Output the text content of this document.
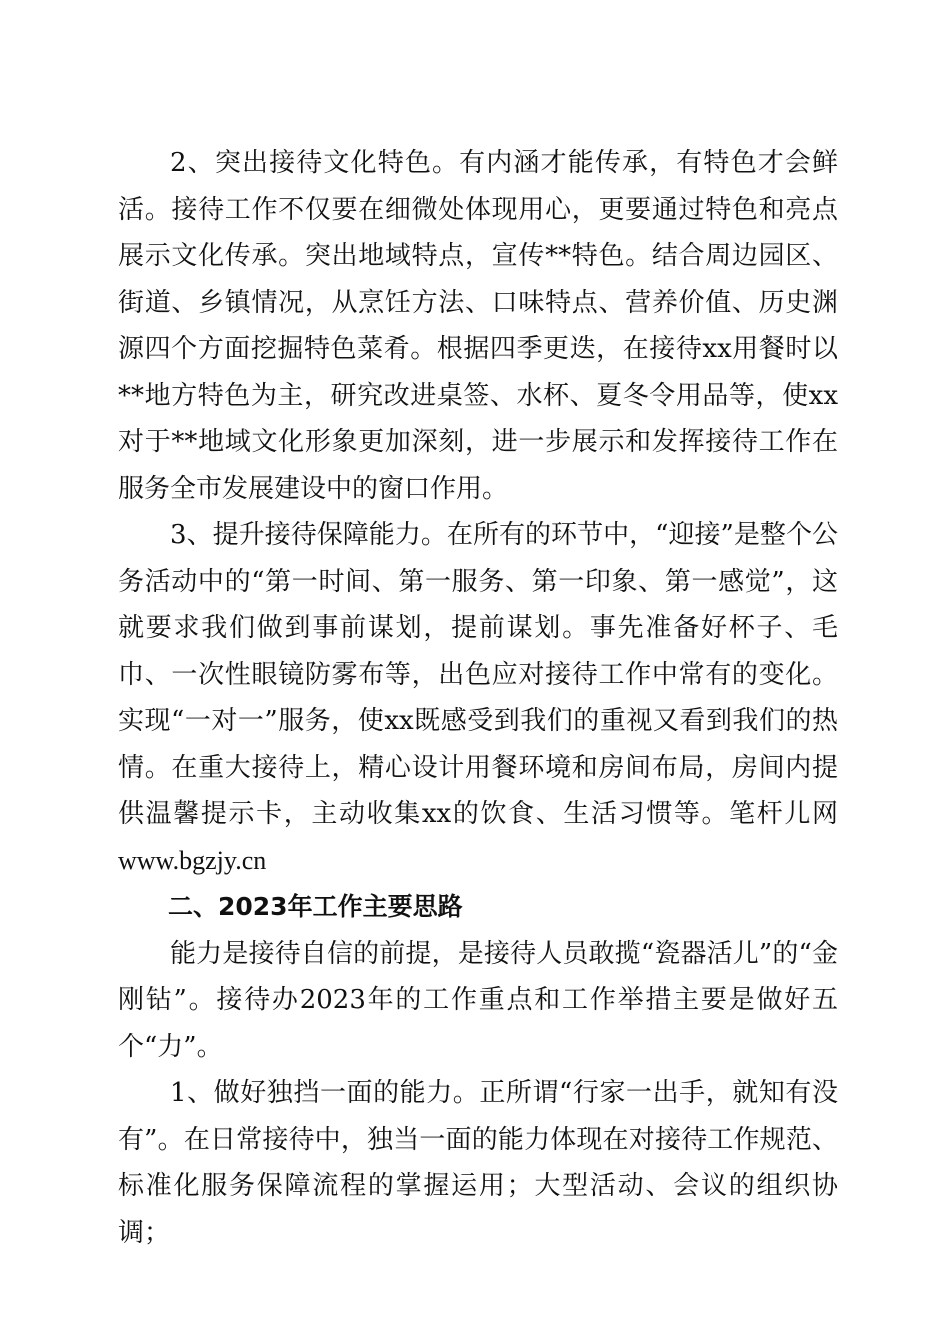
2、突出接待文化特色。有内涵才能传承，有特色才会鲜活。接待工作不仅要在细微处体现用心，更要通过特色和亮点展示文化传承。突出地域特点，宣传**特色。结合周边园区、街道、乡镇情况，从烹饪方法、口味特点、营养价值、历史渊源四个方面挖掘特色菜肴。根据四季更迭，在接待xx用餐时以**地方特色为主，研究改进桌签、水杯、夏冬令用品等，使xx对于**地域文化形象更加深刻，进一步展示和发挥接待工作在服务全市发展建设中的窗口作用。

3、提升接待保障能力。在所有的环节中，“迎接”是整个公务活动中的“第一时间、第一服务、第一印象、第一感觉”，这就要求我们做到事前谋划，提前谋划。事先准备好杯子、毛巾、一次性眼镜防雾布等，出色应对接待工作中常有的变化。实现“一对一”服务，使xx既感受到我们的重视又看到我们的热情。在重大接待上，精心设计用餐环境和房间布局，房间内提供温馨提示卡，主动收集xx的饮食、生活习惯等。笔杆儿网www.bgzjy.cn

二、2023年工作主要思路

能力是接待自信的前提，是接待人员敢揽“瓷器活儿”的“金刚钻”。接待办2023年的工作重点和工作举措主要是做好五个“力”。

1、做好独挡一面的能力。正所谓“行家一出手，就知有没有”。在日常接待中，独当一面的能力体现在对接待工作规范、标准化服务保障流程的掌握运用；大型活动、会议的组织协调；
